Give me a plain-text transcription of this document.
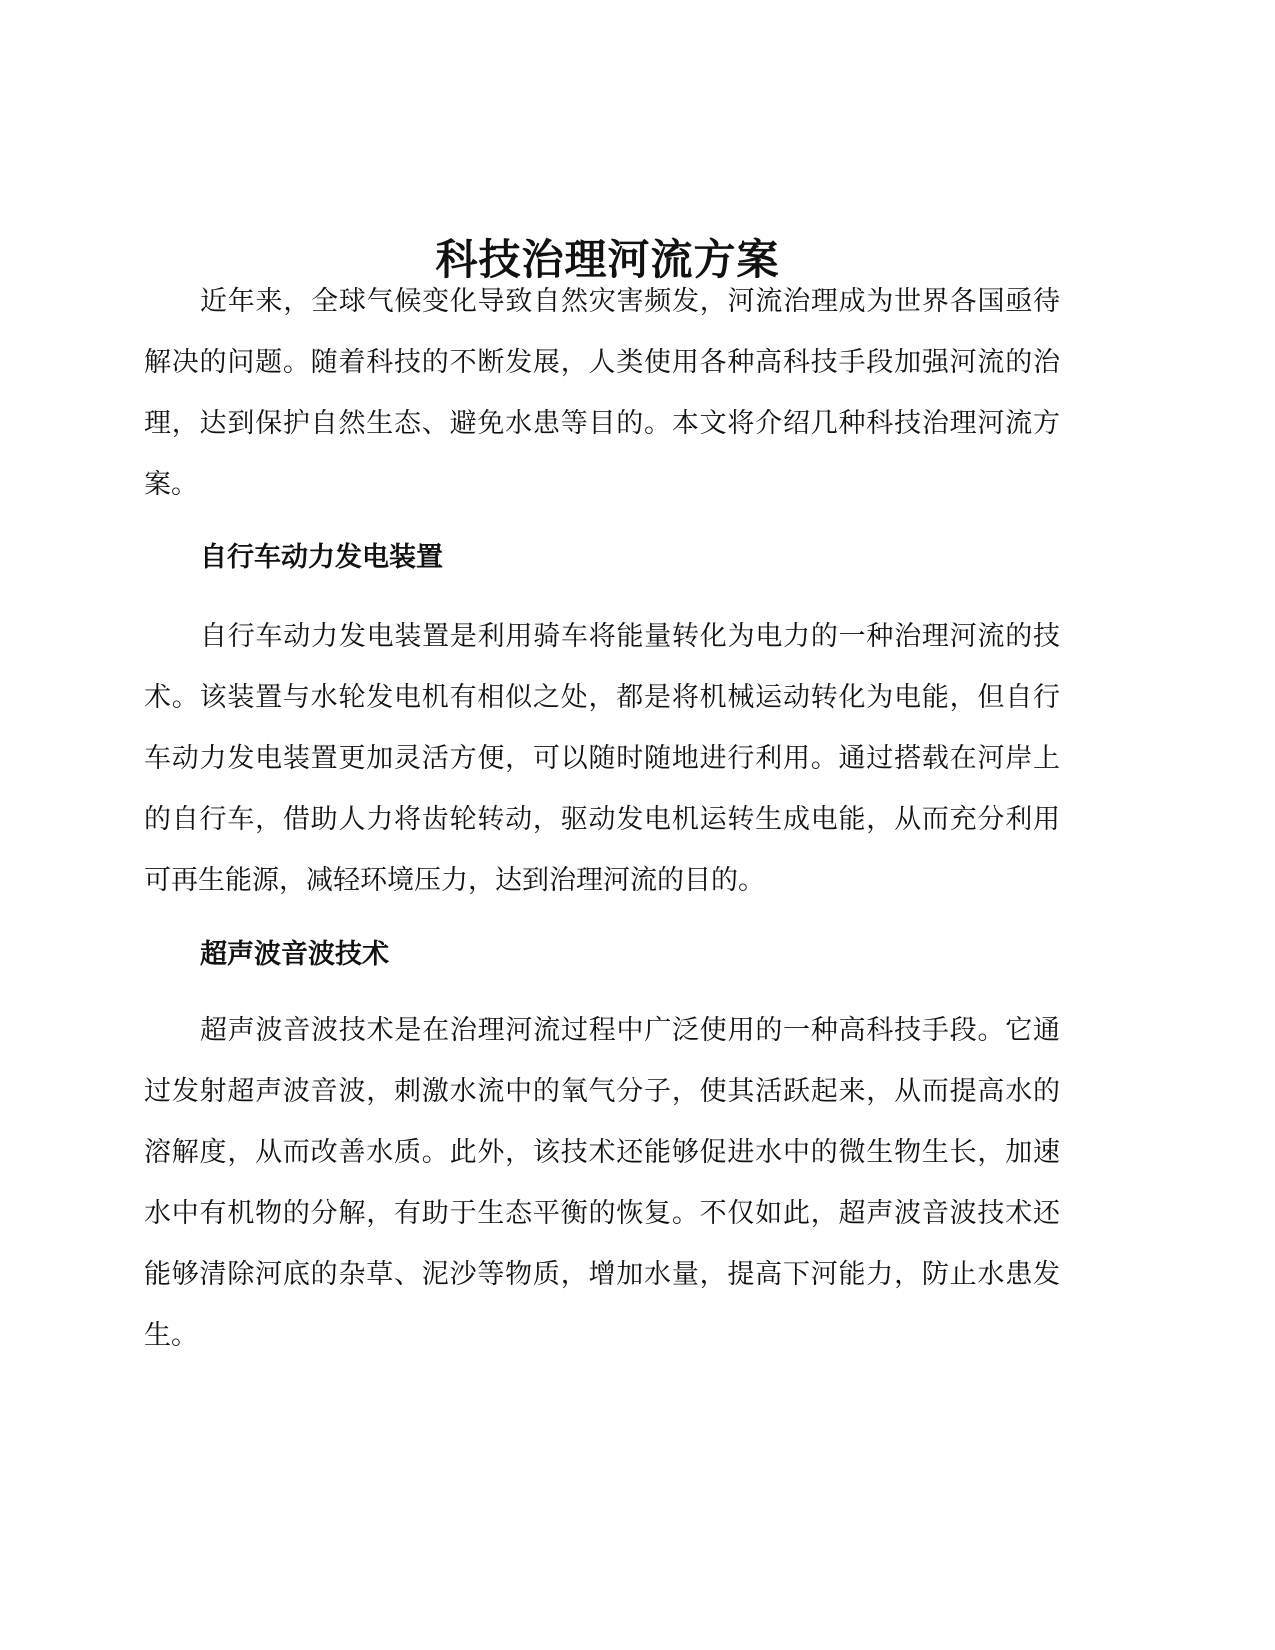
科技治理河流方案

近年来，全球气候变化导致自然灾害频发，河流治理成为世界各国亟待解决的问题。随着科技的不断发展，人类使用各种高科技手段加强河流的治理，达到保护自然生态、避免水患等目的。本文将介绍几种科技治理河流方案。

自行车动力发电装置

自行车动力发电装置是利用骑车将能量转化为电力的一种治理河流的技术。该装置与水轮发电机有相似之处，都是将机械运动转化为电能，但自行车动力发电装置更加灵活方便，可以随时随地进行利用。通过搭载在河岸上的自行车，借助人力将齿轮转动，驱动发电机运转生成电能，从而充分利用可再生能源，减轻环境压力，达到治理河流的目的。

超声波音波技术

超声波音波技术是在治理河流过程中广泛使用的一种高科技手段。它通过发射超声波音波，刺激水流中的氧气分子，使其活跃起来，从而提高水的溶解度，从而改善水质。此外，该技术还能够促进水中的微生物生长，加速水中有机物的分解，有助于生态平衡的恢复。不仅如此，超声波音波技术还能够清除河底的杂草、泥沙等物质，增加水量，提高下河能力，防止水患发生。
